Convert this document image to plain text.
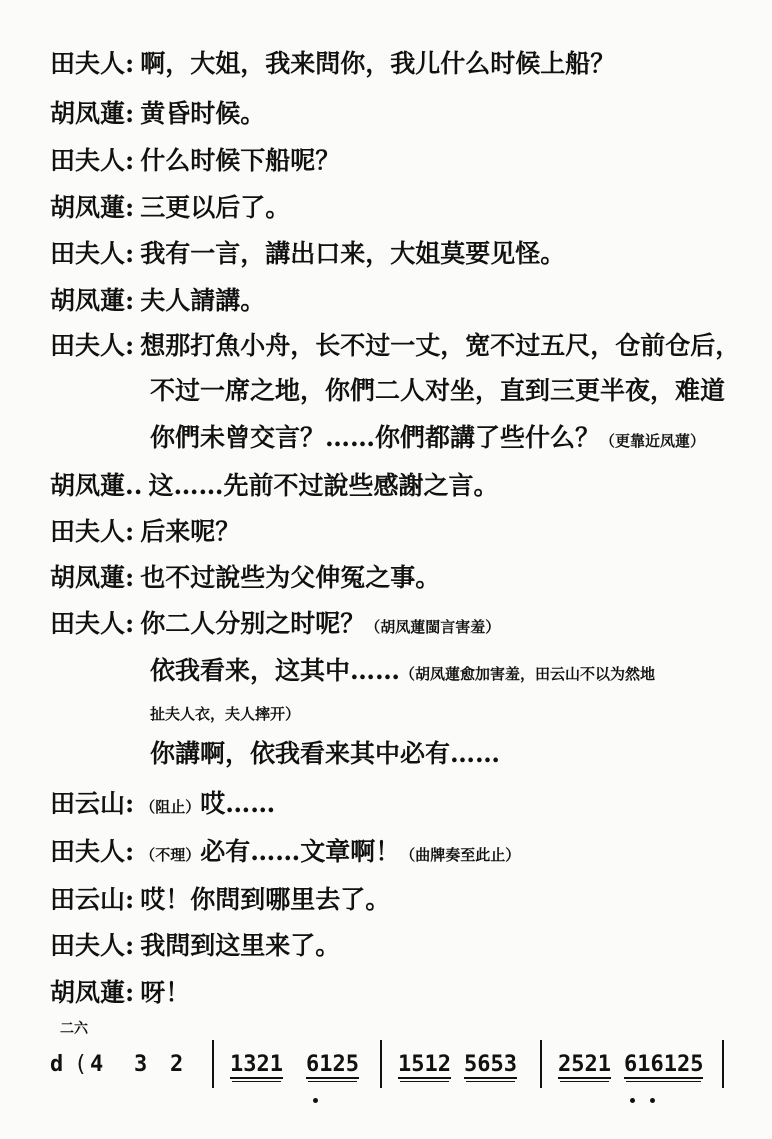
田夫人: 啊，大姐，我来問你，我儿什么时候上船？
胡凤蓮: 黄昏时候。
田夫人: 什么时候下船呢？
胡凤蓮: 三更以后了。
田夫人: 我有一言，講出口来，大姐莫要见怪。
胡凤蓮: 夫人請講。
田夫人: 想那打魚小舟，长不过一丈，宽不过五尺，仓前仓后，
不过一席之地，你們二人对坐，直到三更半夜，难道
你們未曾交言？……你們都講了些什么？（更靠近凤蓮）
胡凤蓮.. 这……先前不过說些感謝之言。
田夫人: 后来呢？
胡凤蓮: 也不过說些为父伸冤之事。
田夫人: 你二人分别之时呢？（胡凤蓮閩言害羞）
依我看来，这其中……（胡凤蓮愈加害羞，田云山不以为然地
扯夫人衣，夫人摔开）
你講啊，依我看来其中必有……
田云山: （阻止）哎……
田夫人: （不理）必有……文章啊！（曲牌奏至此止）
田云山: 哎！你問到哪里去了。
田夫人: 我問到这里来了。
胡凤蓮: 呀！
二六
d ( 4 3 2 1321 6125 1512 5653 2521 616125
